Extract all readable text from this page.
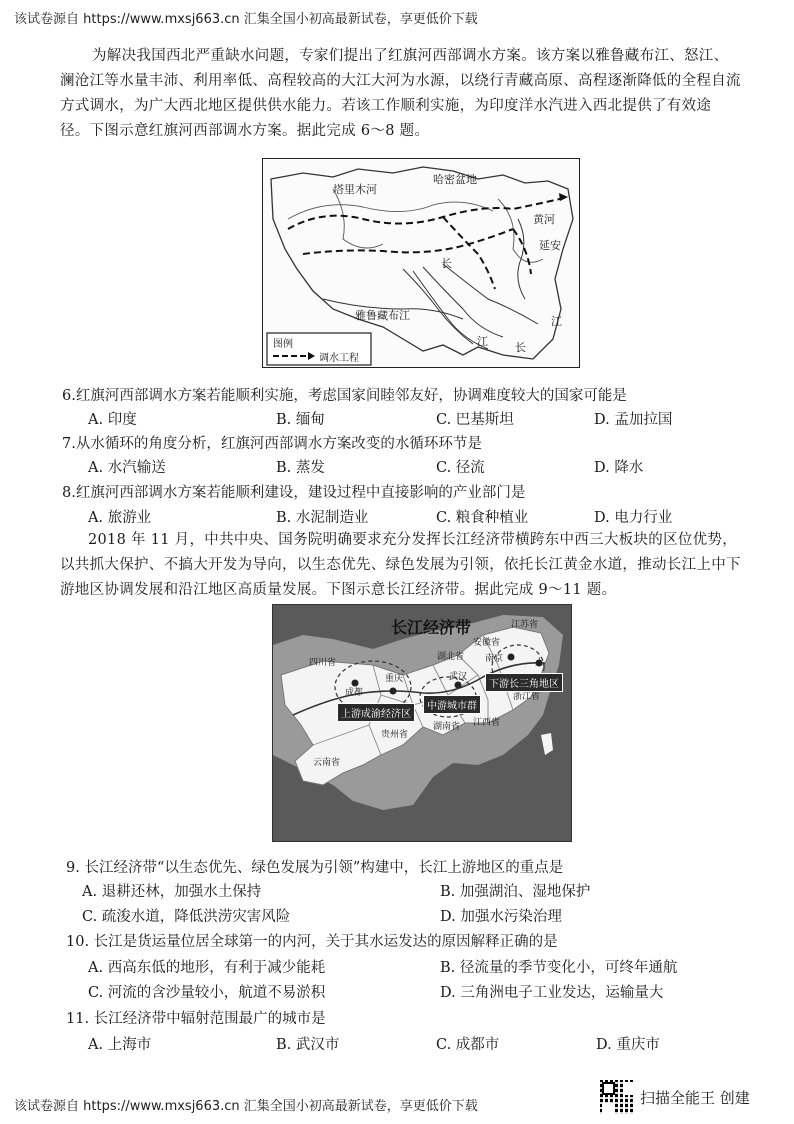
该试卷源自 https://www.mxsj663.cn 汇集全国小初高最新试卷，享更低价下载
为解决我国西北严重缺水问题，专家们提出了红旗河西部调水方案。该方案以雅鲁藏布江、怒江、
澜沧江等水量丰沛、利用率低、高程较高的大江大河为水源，以绕行青藏高原、高程逐渐降低的全程自流
方式调水，为广大西北地区提供供水能力。若该工作顺利实施，为印度洋水汽进入西北提供了有效途
径。下图示意红旗河西部调水方案。据此完成 6～8 题。
塔里木河
哈密盆地
黄河
延安
长
雅鲁藏布江	江
长
江
图例
调水工程
6.红旗河西部调水方案若能顺利实施，考虑国家间睦邻友好，协调难度较大的国家可能是
A. 印度	B. 缅甸	C. 巴基斯坦	D. 孟加拉国
7.从水循环的角度分析，红旗河西部调水方案改变的水循环环节是
A. 水汽输送	B. 蒸发	C. 径流	D. 降水
8.红旗河西部调水方案若能顺利建设，建设过程中直接影响的产业部门是
A. 旅游业	B. 水泥制造业	C. 粮食种植业	D. 电力行业
2018 年 11 月，中共中央、国务院明确要求充分发挥长江经济带横跨东中西三大板块的区位优势，
以共抓大保护、不搞大开发为导向，以生态优先、绿色发展为引领，依托长江黄金水道，推动长江上中下
游地区协调发展和沿江地区高质量发展。下图示意长江经济带。据此完成 9～11 题。
长江经济带	江苏省
安徽省
四川省
湖北省 南京	上
成都
重庆	武汉
浙江省
上游成渝经济区
中游城市群
下游长三角地区
贵州省
湖南省 江西省
云南省
9. 长江经济带“以生态优先、绿色发展为引领”构建中，长江上游地区的重点是
A. 退耕还林，加强水土保持	B. 加强湖泊、湿地保护
C. 疏浚水道，降低洪涝灾害风险	D. 加强水污染治理
10. 长江是货运量位居全球第一的内河，关于其水运发达的原因解释正确的是
A. 西高东低的地形，有利于减少能耗	B. 径流量的季节变化小，可终年通航
C. 河流的含沙量较小，航道不易淤积	D. 三角洲电子工业发达，运输量大
11. 长江经济带中辐射范围最广的城市是
A. 上海市	B. 武汉市	C. 成都市	D. 重庆市
该试卷源自 https://www.mxsj663.cn 汇集全国小初高最新试卷，享更低价下载	扫描全能王 创建
